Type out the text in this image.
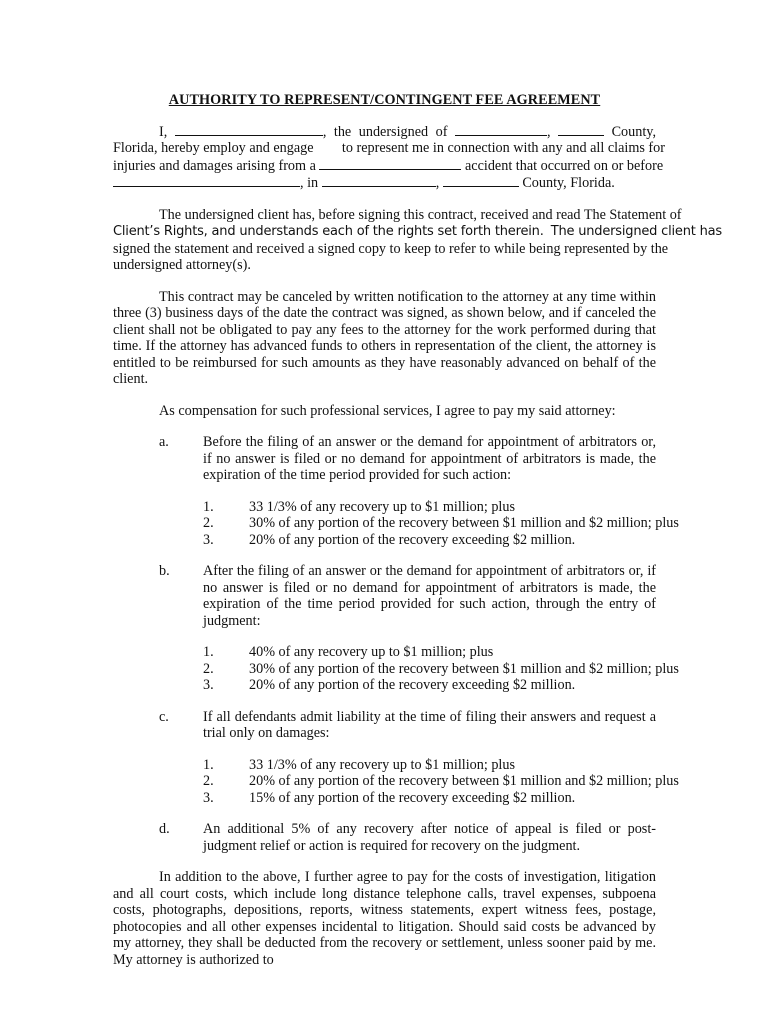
AUTHORITY TO REPRESENT/CONTINGENT FEE AGREEMENT
I,	, the undersigned of	,	County,
Florida, hereby employ and engage        to represent me in connection with any and all claims for
injuries and damages arising from a	accident that occurred on or before
, in	,	County, Florida.
The undersigned client has, before signing this contract, received and read The Statement of
Client’s Rights, and understands each of the rights set forth therein. The undersigned client has
signed the statement and received a signed copy to keep to refer to while being represented by the
undersigned attorney(s).

This contract may be canceled by written notification to the attorney at any time within three (3) business days of the date the contract was signed, as shown below, and if canceled the client shall not be obligated to pay any fees to the attorney for the work performed during that time. If the attorney has advanced funds to others in representation of the client, the attorney is entitled to be reimbursed for such amounts as they have reasonably advanced on behalf of the client.

As compensation for such professional services, I agree to pay my said attorney:

a. Before the filing of an answer or the demand for appointment of arbitrators or, if no answer is filed or no demand for appointment of arbitrators is made, the expiration of the time period provided for such action:
1. 33 1/3% of any recovery up to $1 million; plus
2. 30% of any portion of the recovery between $1 million and $2 million; plus
3. 20% of any portion of the recovery exceeding $2 million.
b. After the filing of an answer or the demand for appointment of arbitrators or, if no answer is filed or no demand for appointment of arbitrators is made, the expiration of the time period provided for such action, through the entry of judgment:
1. 40% of any recovery up to $1 million; plus
2. 30% of any portion of the recovery between $1 million and $2 million; plus
3. 20% of any portion of the recovery exceeding $2 million.
c. If all defendants admit liability at the time of filing their answers and request a trial only on damages:
1. 33 1/3% of any recovery up to $1 million; plus
2. 20% of any portion of the recovery between $1 million and $2 million; plus
3. 15% of any portion of the recovery exceeding $2 million.
d. An additional 5% of any recovery after notice of appeal is filed or post-judgment relief or action is required for recovery on the judgment.

In addition to the above, I further agree to pay for the costs of investigation, litigation and all court costs, which include long distance telephone calls, travel expenses, subpoena costs, photographs, depositions, reports, witness statements, expert witness fees, postage, photocopies and all other expenses incidental to litigation. Should said costs be advanced by my attorney, they shall be deducted from the recovery or settlement, unless sooner paid by me. My attorney is authorized to
